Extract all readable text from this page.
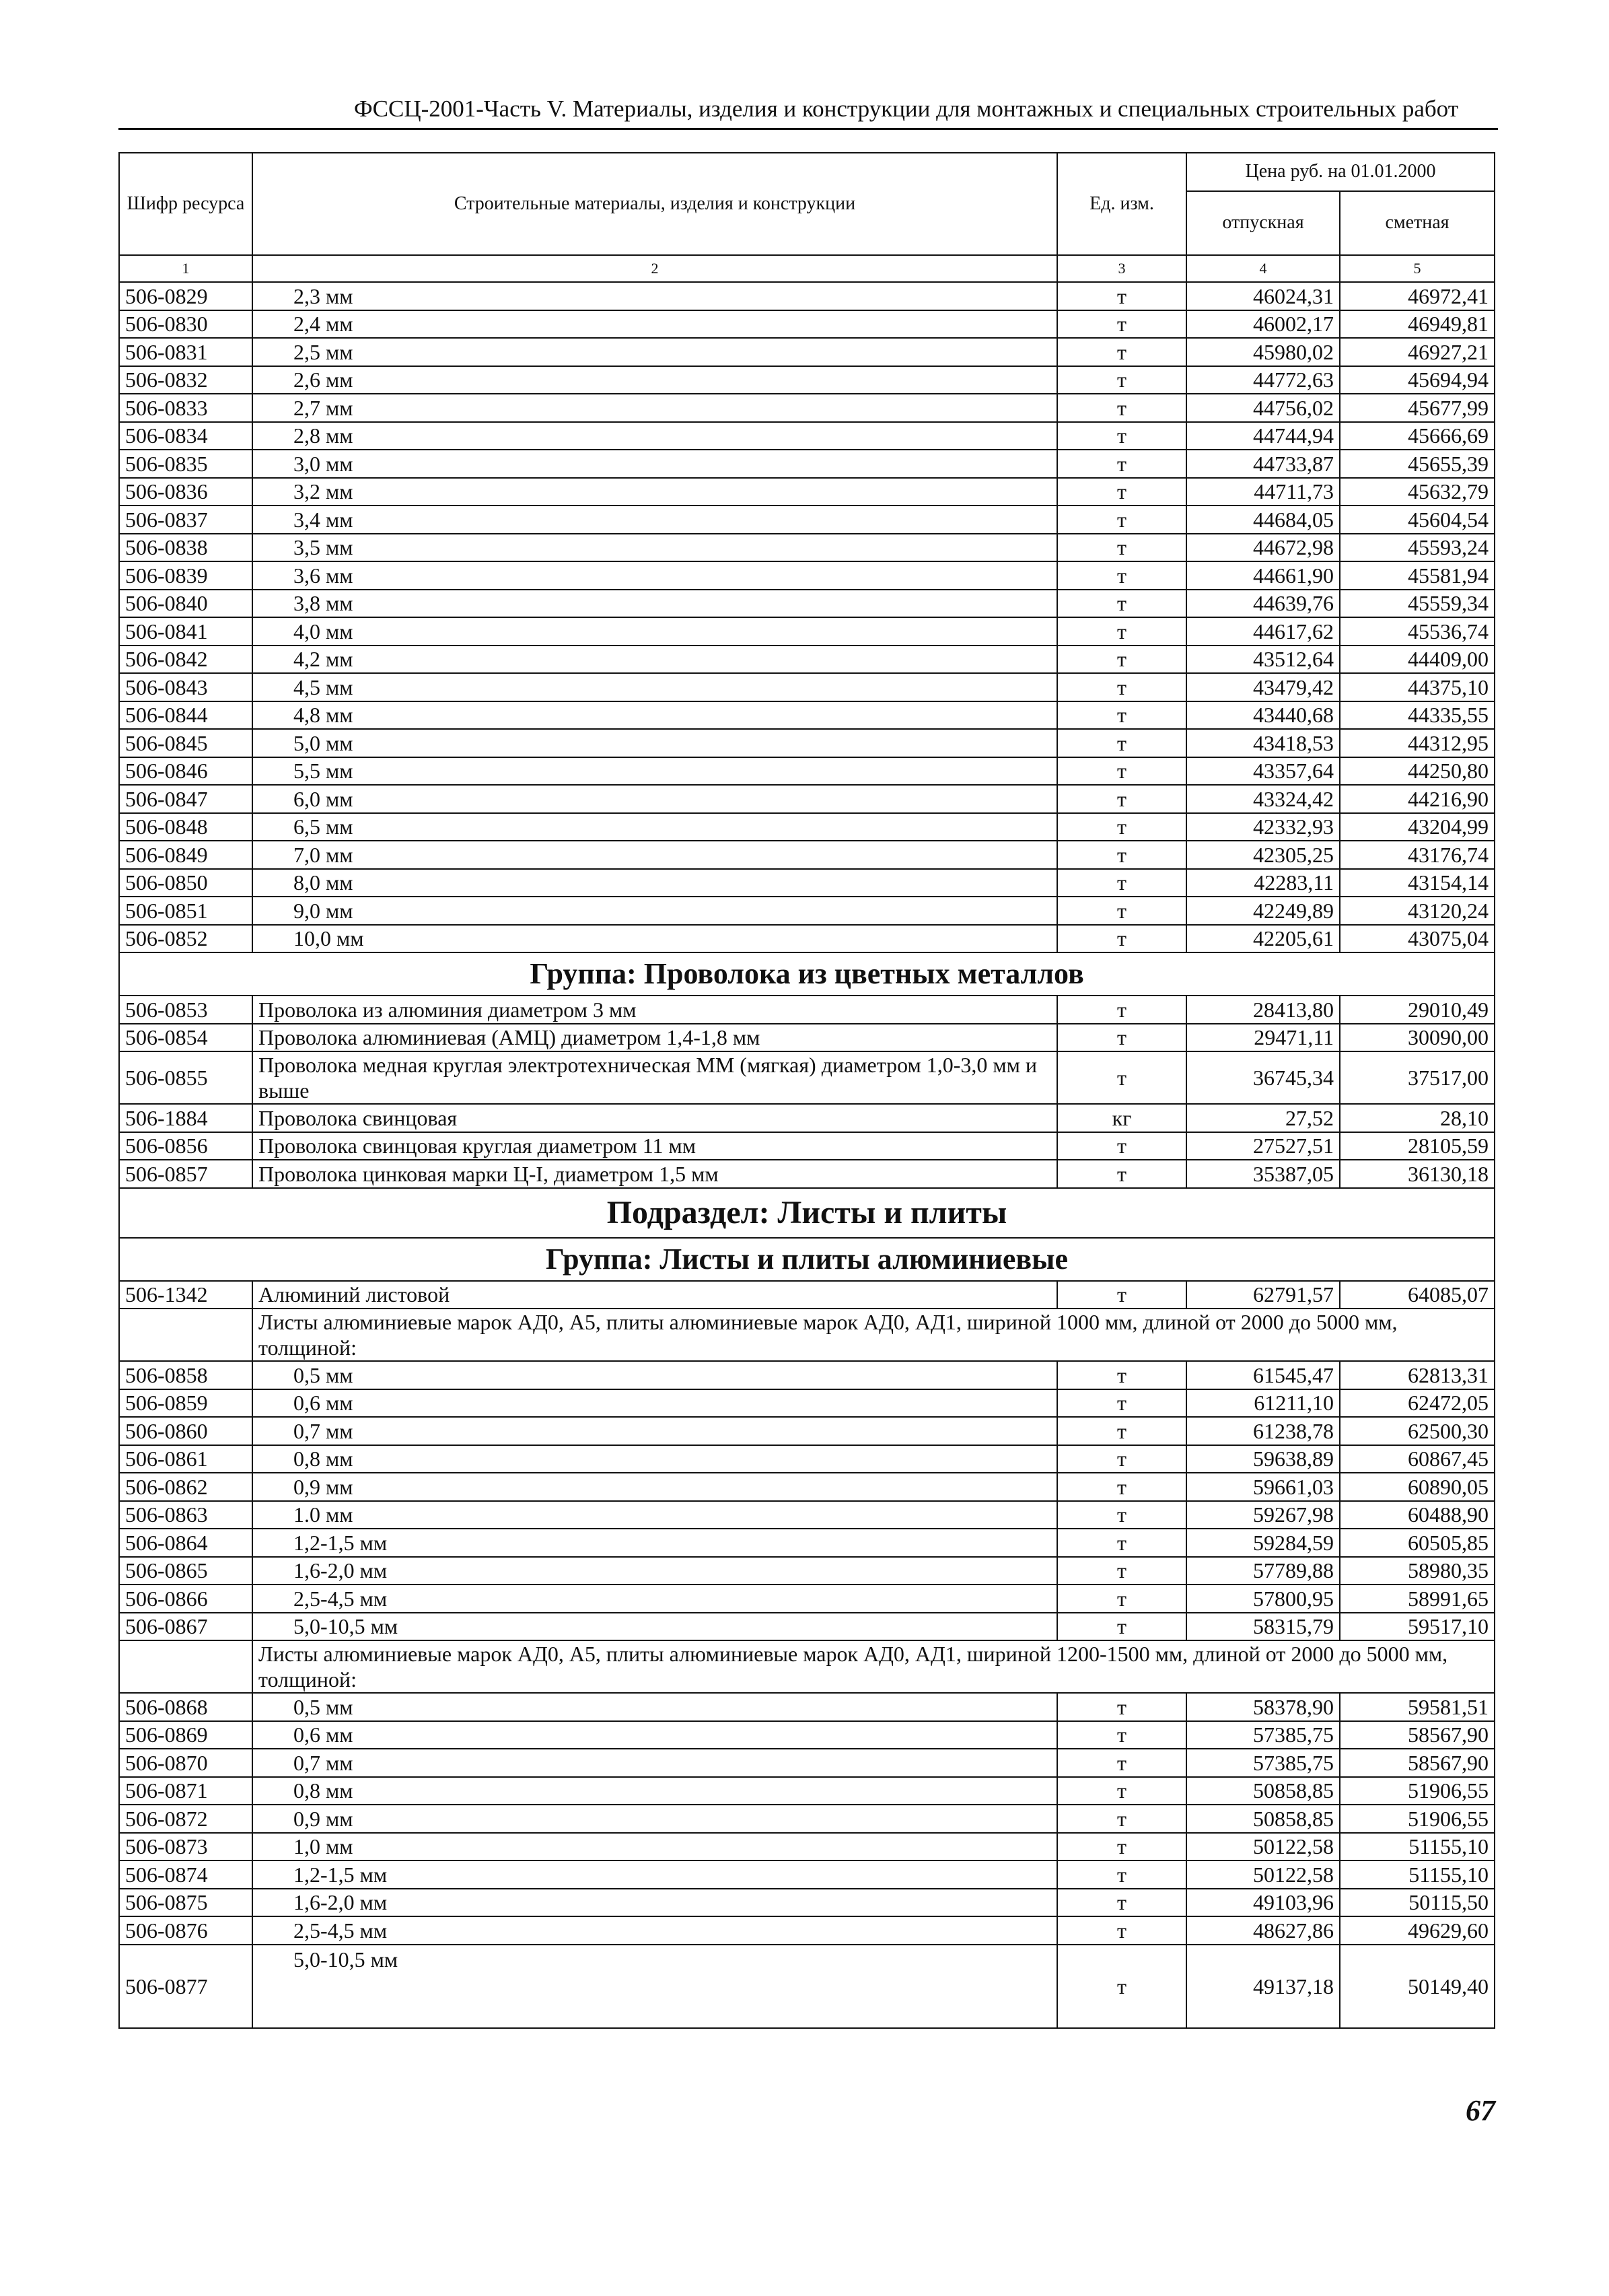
ФССЦ-2001-Часть V. Материалы, изделия и конструкции для монтажных и специальных строительных работ
Шифр ресурса	Строительные материалы, изделия и конструкции	Ед. изм.	Цена руб. на 01.01.2000	
			отпускная	сметная
1	2	3	4	5
506-0829	2,3 мм	т	46024,31	46972,41
506-0830	2,4 мм	т	46002,17	46949,81
506-0831	2,5 мм	т	45980,02	46927,21
506-0832	2,6 мм	т	44772,63	45694,94
506-0833	2,7 мм	т	44756,02	45677,99
506-0834	2,8 мм	т	44744,94	45666,69
506-0835	3,0 мм	т	44733,87	45655,39
506-0836	3,2 мм	т	44711,73	45632,79
506-0837	3,4 мм	т	44684,05	45604,54
506-0838	3,5 мм	т	44672,98	45593,24
506-0839	3,6 мм	т	44661,90	45581,94
506-0840	3,8 мм	т	44639,76	45559,34
506-0841	4,0 мм	т	44617,62	45536,74
506-0842	4,2 мм	т	43512,64	44409,00
506-0843	4,5 мм	т	43479,42	44375,10
506-0844	4,8 мм	т	43440,68	44335,55
506-0845	5,0 мм	т	43418,53	44312,95
506-0846	5,5 мм	т	43357,64	44250,80
506-0847	6,0 мм	т	43324,42	44216,90
506-0848	6,5 мм	т	42332,93	43204,99
506-0849	7,0 мм	т	42305,25	43176,74
506-0850	8,0 мм	т	42283,11	43154,14
506-0851	9,0 мм	т	42249,89	43120,24
506-0852	10,0 мм	т	42205,61	43075,04
Группа: Проволока из цветных металлов				
506-0853	Проволока из алюминия диаметром 3 мм	т	28413,80	29010,49
506-0854	Проволока алюминиевая (АМЦ) диаметром 1,4-1,8 мм	т	29471,11	30090,00
506-0855	Проволока медная круглая электротехническая ММ (мягкая) диаметром 1,0-3,0 мм и выше	т	36745,34	37517,00
506-1884	Проволока свинцовая	кг	27,52	28,10
506-0856	Проволока свинцовая круглая диаметром 11 мм	т	27527,51	28105,59
506-0857	Проволока цинковая марки Ц-I, диаметром 1,5 мм	т	35387,05	36130,18
Подраздел: Листы и плиты				
Группа: Листы и плиты алюминиевые				
506-1342	Алюминий листовой	т	62791,57	64085,07
	Листы алюминиевые марок АД0, А5, плиты алюминиевые марок АД0, АД1, шириной 1000 мм, длиной от 2000 до 5000 мм, толщиной:			
506-0858	0,5 мм	т	61545,47	62813,31
506-0859	0,6 мм	т	61211,10	62472,05
506-0860	0,7 мм	т	61238,78	62500,30
506-0861	0,8 мм	т	59638,89	60867,45
506-0862	0,9 мм	т	59661,03	60890,05
506-0863	1.0 мм	т	59267,98	60488,90
506-0864	1,2-1,5 мм	т	59284,59	60505,85
506-0865	1,6-2,0 мм	т	57789,88	58980,35
506-0866	2,5-4,5 мм	т	57800,95	58991,65
506-0867	5,0-10,5 мм	т	58315,79	59517,10
	Листы алюминиевые марок АД0, А5, плиты алюминиевые марок АД0, АД1, шириной 1200-1500 мм, длиной от 2000 до 5000 мм, толщиной:			
506-0868	0,5 мм	т	58378,90	59581,51
506-0869	0,6 мм	т	57385,75	58567,90
506-0870	0,7 мм	т	57385,75	58567,90
506-0871	0,8 мм	т	50858,85	51906,55
506-0872	0,9 мм	т	50858,85	51906,55
506-0873	1,0 мм	т	50122,58	51155,10
506-0874	1,2-1,5 мм	т	50122,58	51155,10
506-0875	1,6-2,0 мм	т	49103,96	50115,50
506-0876	2,5-4,5 мм	т	48627,86	49629,60
506-0877	5,0-10,5 мм	т	49137,18	50149,40
67
